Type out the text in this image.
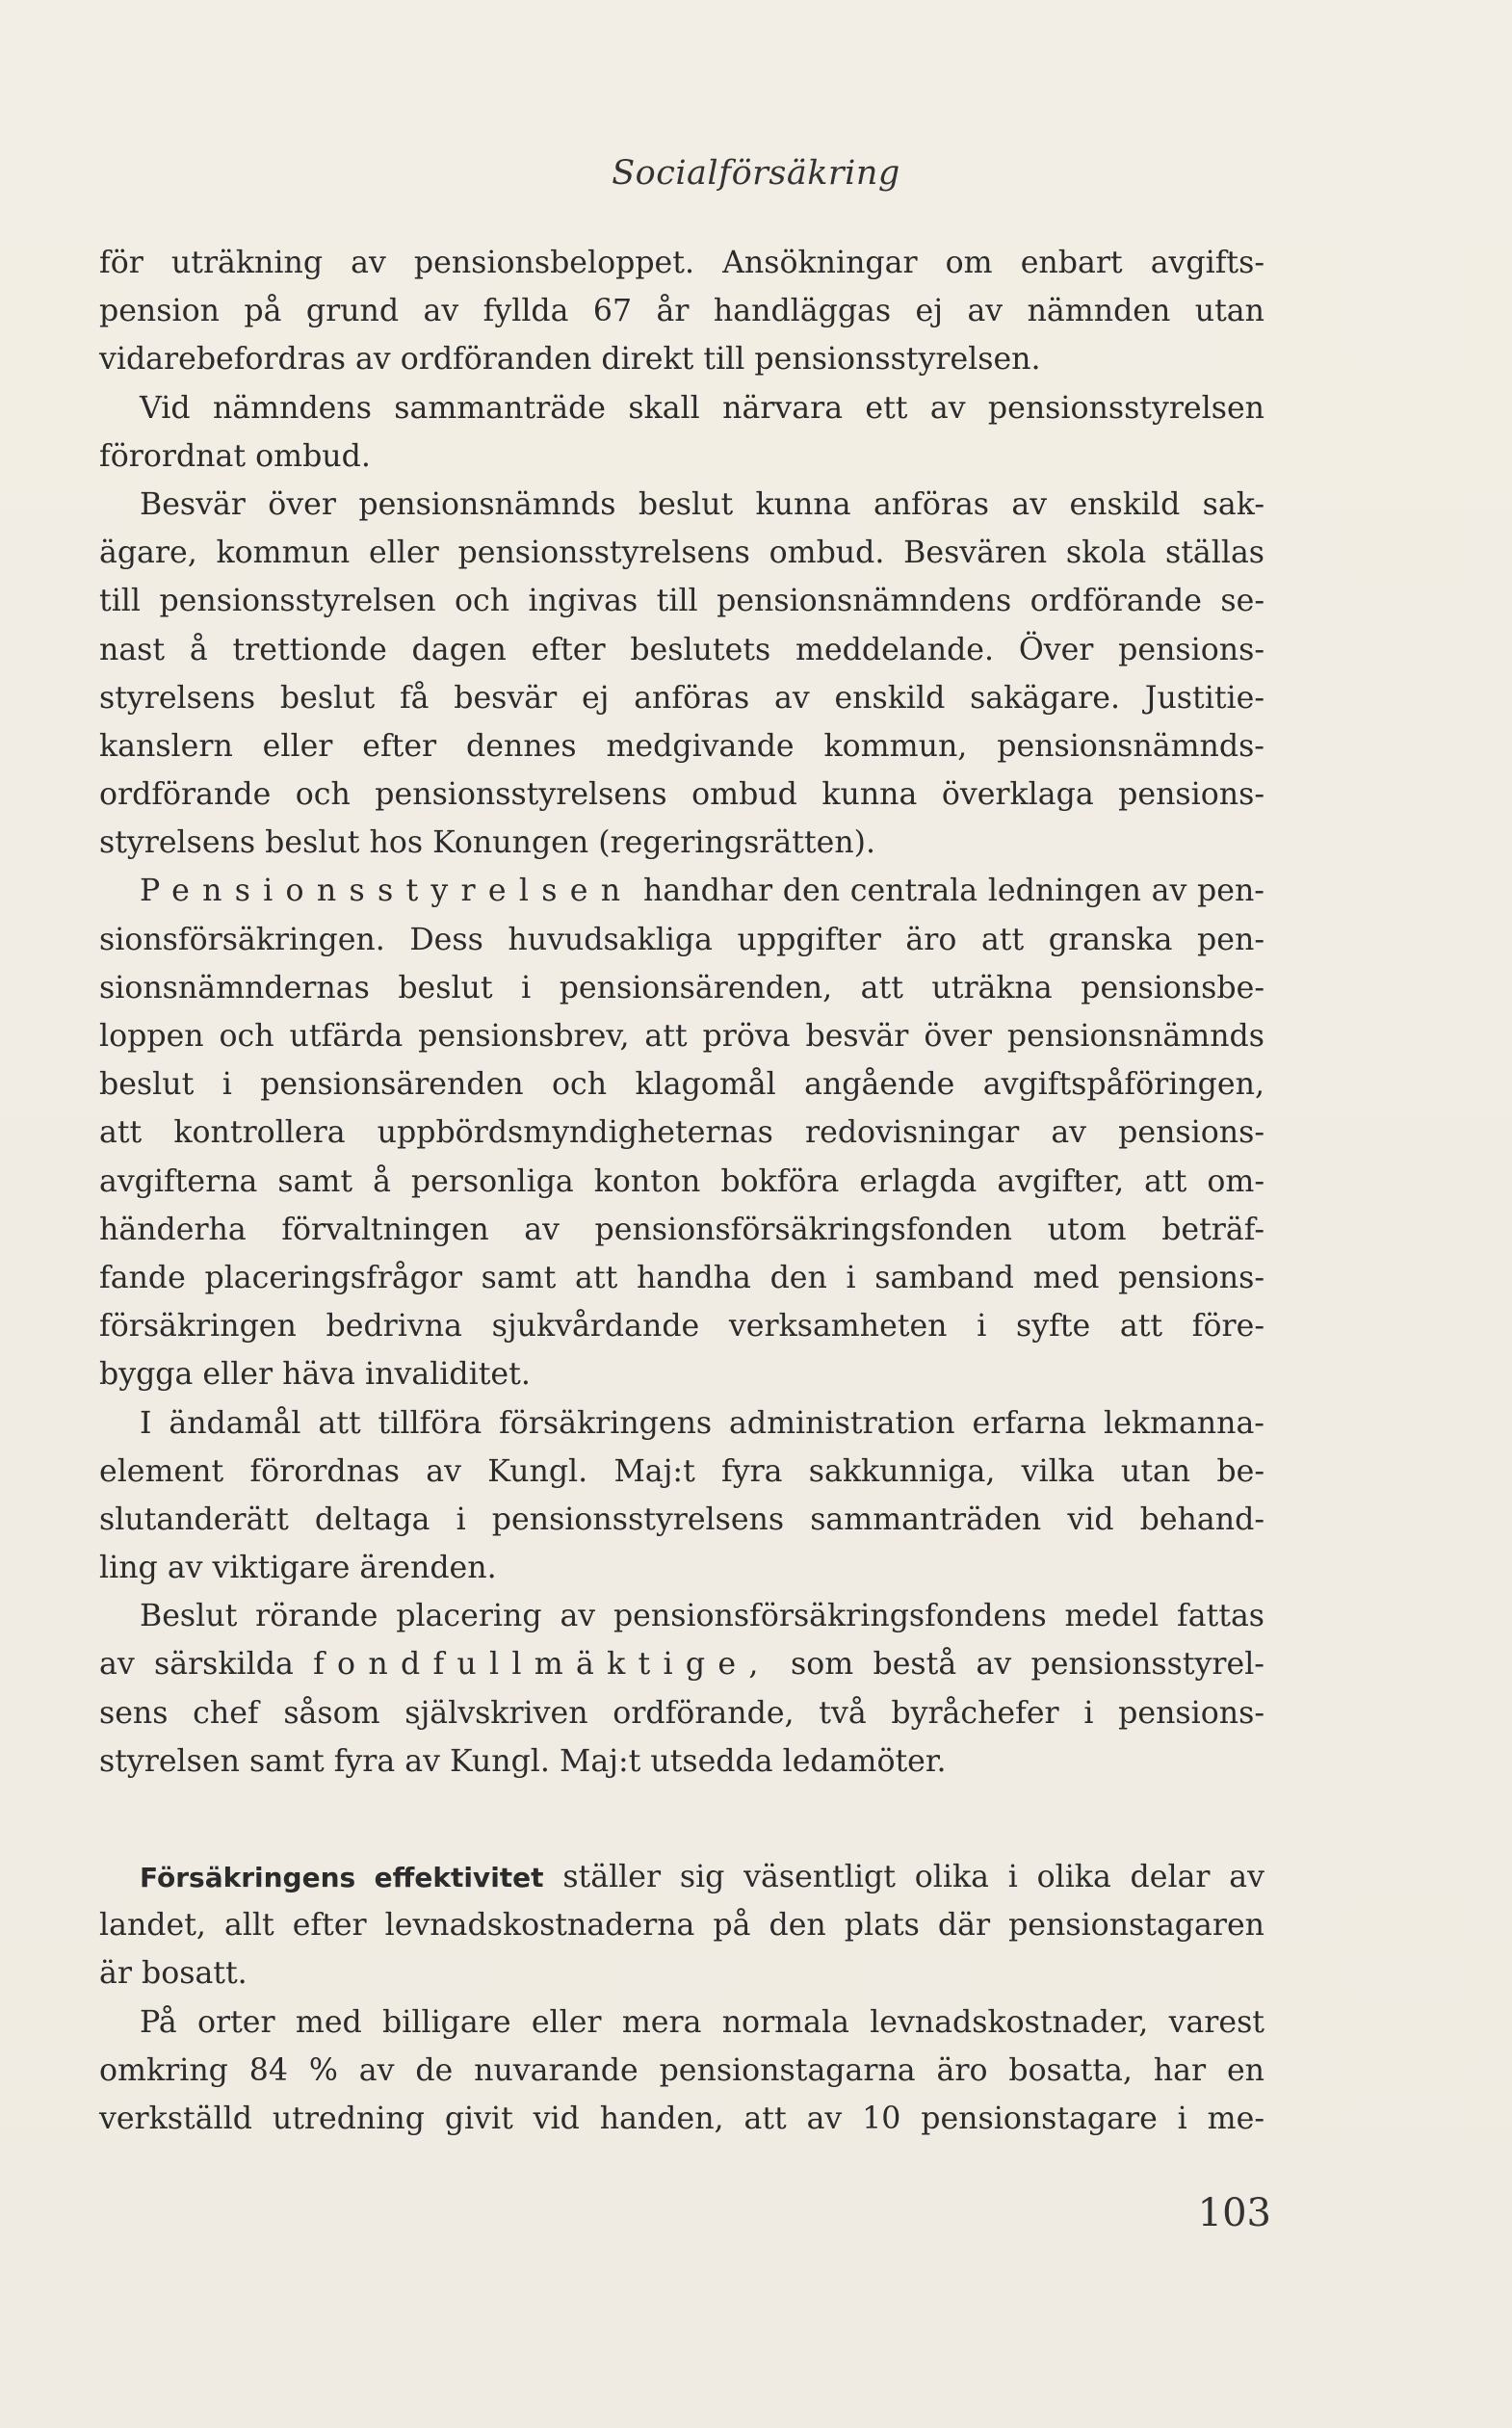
Socialförsäkring
för uträkning av pensionsbeloppet. Ansökningar om enbart avgifts-
pension på grund av fyllda 67 år handläggas ej av nämnden utan
vidarebefordras av ordföranden direkt till pensionsstyrelsen.
Vid nämndens sammanträde skall närvara ett av pensionsstyrelsen
förordnat ombud.
Besvär över pensionsnämnds beslut kunna anföras av enskild sak-
ägare, kommun eller pensionsstyrelsens ombud. Besvären skola ställas
till pensionsstyrelsen och ingivas till pensionsnämndens ordförande se-
nast å trettionde dagen efter beslutets meddelande. Över pensions-
styrelsens beslut få besvär ej anföras av enskild sakägare. Justitie-
kanslern eller efter dennes medgivande kommun, pensionsnämnds-
ordförande och pensionsstyrelsens ombud kunna överklaga pensions-
styrelsens beslut hos Konungen (regeringsrätten).
Pensionsstyrelsen handhar den centrala ledningen av pen-
sionsförsäkringen. Dess huvudsakliga uppgifter äro att granska pen-
sionsnämndernas beslut i pensionsärenden, att uträkna pensionsbe-
loppen och utfärda pensionsbrev, att pröva besvär över pensionsnämnds
beslut i pensionsärenden och klagomål angående avgiftspåföringen,
att kontrollera uppbördsmyndigheternas redovisningar av pensions-
avgifterna samt å personliga konton bokföra erlagda avgifter, att om-
händerha förvaltningen av pensionsförsäkringsfonden utom beträf-
fande placeringsfrågor samt att handha den i samband med pensions-
försäkringen bedrivna sjukvårdande verksamheten i syfte att före-
bygga eller häva invaliditet.
I ändamål att tillföra försäkringens administration erfarna lekmanna-
element förordnas av Kungl. Maj:t fyra sakkunniga, vilka utan be-
slutanderätt deltaga i pensionsstyrelsens sammanträden vid behand-
ling av viktigare ärenden.
Beslut rörande placering av pensionsförsäkringsfondens medel fattas
av särskilda fondfullmäktige, som bestå av pensionsstyrel-
sens chef såsom självskriven ordförande, två byråchefer i pensions-
styrelsen samt fyra av Kungl. Maj:t utsedda ledamöter.
Försäkringens effektivitet ställer sig väsentligt olika i olika delar av
landet, allt efter levnadskostnaderna på den plats där pensionstagaren
är bosatt.
På orter med billigare eller mera normala levnadskostnader, varest
omkring 84 % av de nuvarande pensionstagarna äro bosatta, har en
verkställd utredning givit vid handen, att av 10 pensionstagare i me-
103
